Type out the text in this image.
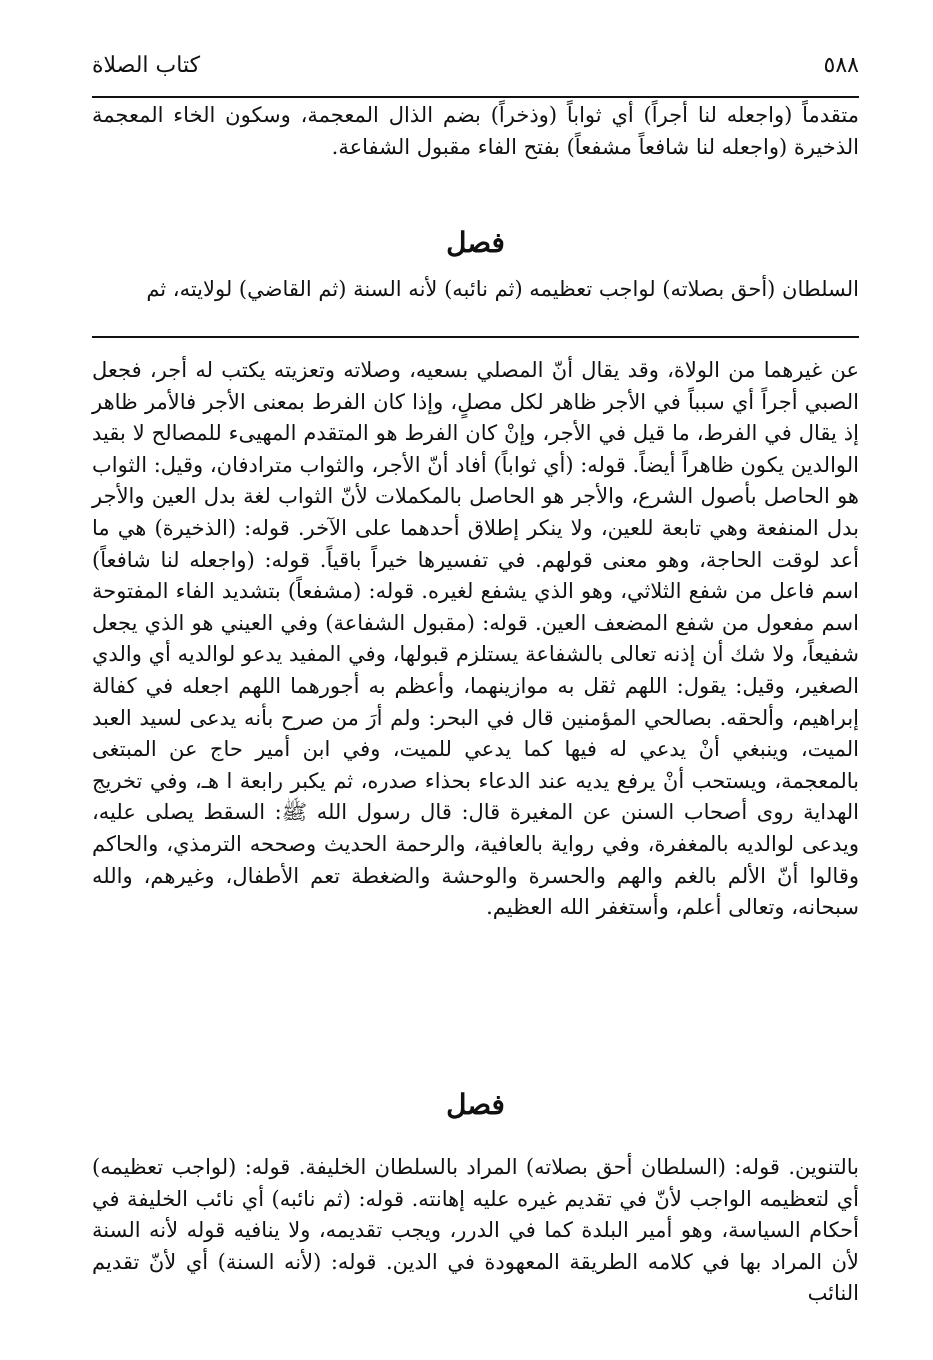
٥٨٨
كتاب الصلاة

متقدماً (واجعله لنا أجراً) أي ثواباً (وذخراً) بضم الذال المعجمة، وسكون الخاء المعجمة الذخيرة (واجعله لنا شافعاً مشفعاً) بفتح الفاء مقبول الشفاعة.

فصل

السلطان (أحق بصلاته) لواجب تعظيمه (ثم نائبه) لأنه السنة (ثم القاضي) لولايته، ثم

عن غيرهما من الولاة، وقد يقال أنّ المصلي بسعيه، وصلاته وتعزيته يكتب له أجر، فجعل الصبي أجراً أي سبباً في الأجر ظاهر لكل مصلٍ، وإذا كان الفرط بمعنى الأجر فالأمر ظاهر إذ يقال في الفرط، ما قيل في الأجر، وإنْ كان الفرط هو المتقدم المهيىء للمصالح لا بقيد الوالدين يكون ظاهراً أيضاً. قوله: (أي ثواباً) أفاد أنّ الأجر، والثواب مترادفان، وقيل: الثواب هو الحاصل بأصول الشرع، والأجر هو الحاصل بالمكملات لأنّ الثواب لغة بدل العين والأجر بدل المنفعة وهي تابعة للعين، ولا ينكر إطلاق أحدهما على الآخر. قوله: (الذخيرة) هي ما أعد لوقت الحاجة، وهو معنى قولهم. في تفسيرها خيراً باقياً. قوله: (واجعله لنا شافعاً) اسم فاعل من شفع الثلاثي، وهو الذي يشفع لغيره. قوله: (مشفعاً) بتشديد الفاء المفتوحة اسم مفعول من شفع المضعف العين. قوله: (مقبول الشفاعة) وفي العيني هو الذي يجعل شفيعاً، ولا شك أن إذنه تعالى بالشفاعة يستلزم قبولها، وفي المفيد يدعو لوالديه أي والدي الصغير، وقيل: يقول: اللهم ثقل به موازينهما، وأعظم به أجورهما اللهم اجعله في كفالة إبراهيم، وألحقه. بصالحي المؤمنين قال في البحر: ولم أرَ من صرح بأنه يدعى لسيد العبد الميت، وينبغي أنْ يدعي له فيها كما يدعي للميت، وفي ابن أمير حاج عن المبتغى بالمعجمة، ويستحب أنْ يرفع يديه عند الدعاء بحذاء صدره، ثم يكبر رابعة ا هـ، وفي تخريج الهداية روى أصحاب السنن عن المغيرة قال: قال رسول الله ﷺ: السقط يصلى عليه، ويدعى لوالديه بالمغفرة، وفي رواية بالعافية، والرحمة الحديث وصححه الترمذي، والحاكم وقالوا أنّ الألم بالغم والهم والحسرة والوحشة والضغطة تعم الأطفال، وغيرهم، والله سبحانه، وتعالى أعلم، وأستغفر الله العظيم.

فصل

بالتنوين. قوله: (السلطان أحق بصلاته) المراد بالسلطان الخليفة. قوله: (لواجب تعظيمه) أي لتعظيمه الواجب لأنّ في تقديم غيره عليه إهانته. قوله: (ثم نائبه) أي نائب الخليفة في أحكام السياسة، وهو أمير البلدة كما في الدرر، ويجب تقديمه، ولا ينافيه قوله لأنه السنة لأن المراد بها في كلامه الطريقة المعهودة في الدين. قوله: (لأنه السنة) أي لأنّ تقديم النائب
